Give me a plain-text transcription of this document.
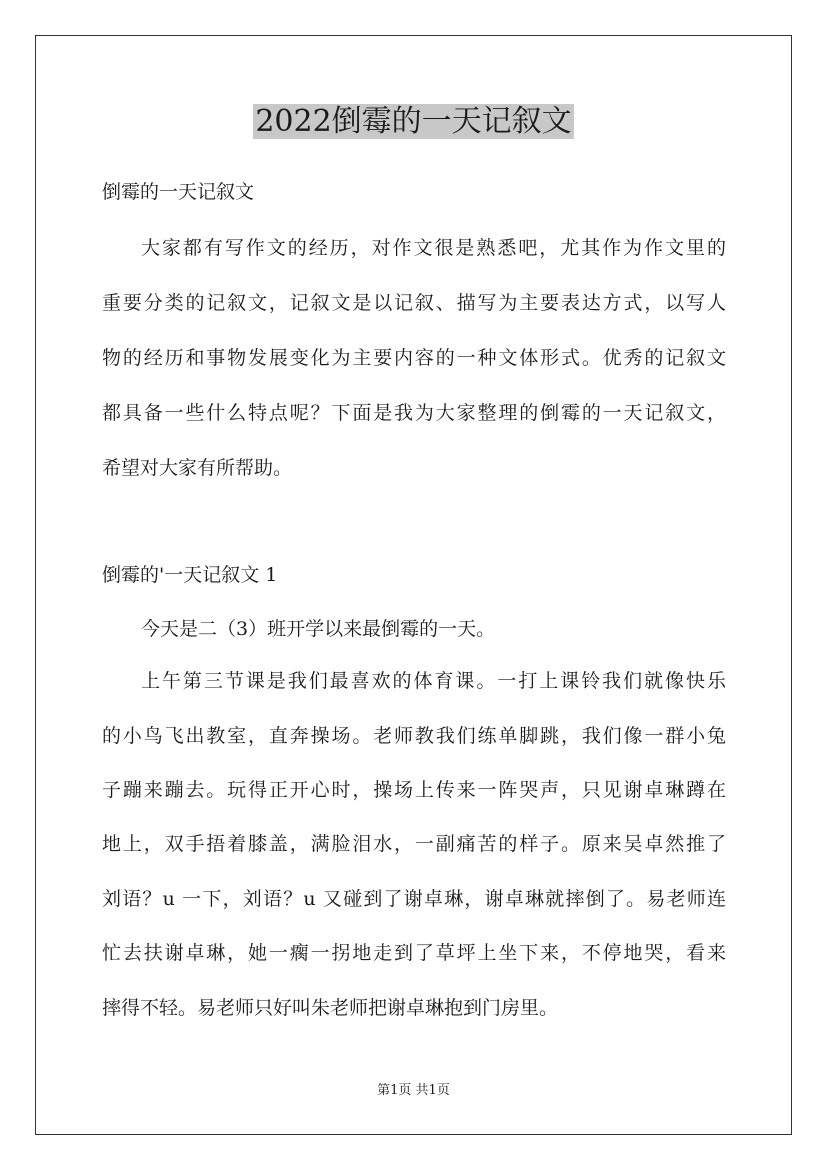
2022倒霉的一天记叙文

倒霉的一天记叙文

大家都有写作文的经历，对作文很是熟悉吧，尤其作为作文里的

重要分类的记叙文，记叙文是以记叙、描写为主要表达方式，以写人

物的经历和事物发展变化为主要内容的一种文体形式。优秀的记叙文

都具备一些什么特点呢？下面是我为大家整理的倒霉的一天记叙文，

希望对大家有所帮助。

倒霉的'一天记叙文 1

今天是二（3）班开学以来最倒霉的一天。

上午第三节课是我们最喜欢的体育课。一打上课铃我们就像快乐

的小鸟飞出教室，直奔操场。老师教我们练单脚跳，我们像一群小兔

子蹦来蹦去。玩得正开心时，操场上传来一阵哭声，只见谢卓琳蹲在

地上，双手捂着膝盖，满脸泪水，一副痛苦的样子。原来吴卓然推了

刘语？u 一下，刘语？u 又碰到了谢卓琳，谢卓琳就摔倒了。易老师连

忙去扶谢卓琳，她一瘸一拐地走到了草坪上坐下来，不停地哭，看来

摔得不轻。易老师只好叫朱老师把谢卓琳抱到门房里。

第1页 共1页
